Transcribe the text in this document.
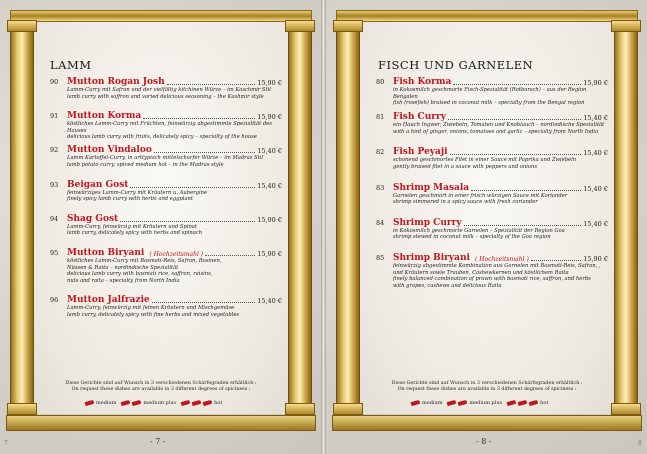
LAMM
90 Mutton Rogan Josh	15,90 €
Lamm-Curry mit Safran und der vielfältig kitchinen Würze – im Kaschmir Stil
lamb curry with saffron and varied delicious seasoning – the Kashmir style
91 Mutton Korma	15,90 €
köstliches Lamm-Curry mit Früchten, feinwürzig abgestimmte Spezialität des Hauses
delicious lamb curry with fruits, delicately spicy – specialty of the house
92 Mutton Vindaloo	15,40 €
Lamm Kartoffel-Curry, in arttypisch mittelscharfer Würze – im Madras Stil
lamb potato curry, spiced medium hot – in the Madras style
93 Beigan Gost	15,40 €
feinwürziges Lamm-Curry mit Kräutern u. Aubergine
finely spicy lamb curry with herbs and eggplant
94 Shag Gost	15,90 €
Lamm-Curry, feinwürzig mit Kräutern und Spinat
lamb curry, delicately spicy with herbs and spinach
95 Mutton Biryani
( Hochzeitsmahl )	15,90 €
köstliches Lamm-Curry mit Basmati-Reis, Safran, Rosinen,
Nüssen & Raita – nordindische Spezialität
delicious lamb curry with basmati rice, saffron, raisins,
nuts and raita – specialty from North India
96 Mutton Jalfrazie	15,40 €
Lamm-Curry, feinwürzig mit feinen Kräutern und Mischgemüse
lamb curry, delicately spicy with fine herbs and mixed vegetables
Diese Gerichte sind auf Wunsch in 3 verschiedenen Schärfegraden erhältlich :
On request these dishes are available in 3 different degrees of spiciness :
medium	medium plus	hot
- 7 -
7
FISCH UND GARNELEN
80 Fish Korma	15,90 €
in Kokosmilch geschmorte Fisch-Spezialität (Rotbarsch) – aus der Region Bengalen
fish (rosefish) braised in coconut milk – specialty from the Bengal region
81 Fish Curry	15,40 €
ein Hauch Ingwer, Zwiebeln, Tomaten und Knoblauch – nordindische Spezialität
with a hint of ginger, onions, tomatoes and garlic – specialty from North India
82 Fish Peyaji	15,40 €
schonend geschmortes Filet in einer Sauce mit Paprika und Zwiebeln
gently braised filet in a sauce with peppers and onions
83 Shrimp Masala	15,40 €
Garnelen geschmort in einer frisch würzigen Sauce mit Koriander
shrimp simmered in a spicy sauce with fresh coriander
84 Shrimp Curry	15,40 €
in Kokosmilch geschmorte Garnelen – Spezialität der Region Goa
shrimp stewed in coconut milk – specialty of the Goa region
85 Shrimp Biryani
( Hochzeitsmahl )	15,90 €
feinwürzig abgestimmte Kombination aus Garnelen mit Basmati-Reis, Safran, ,
und Kräutern sowie Trauben, Cashewkernen und köstlichem Raita
finely balanced combination of prawn with basmati rice, saffron, and herbs
with grapes, cashews and delicious Raita
Diese Gerichte sind auf Wunsch in 3 verschiedenen Schärfegraden erhältlich :
On request these dishes are available in 3 different degrees of spiciness :
medium	medium plus	hot
- 8 -	8
